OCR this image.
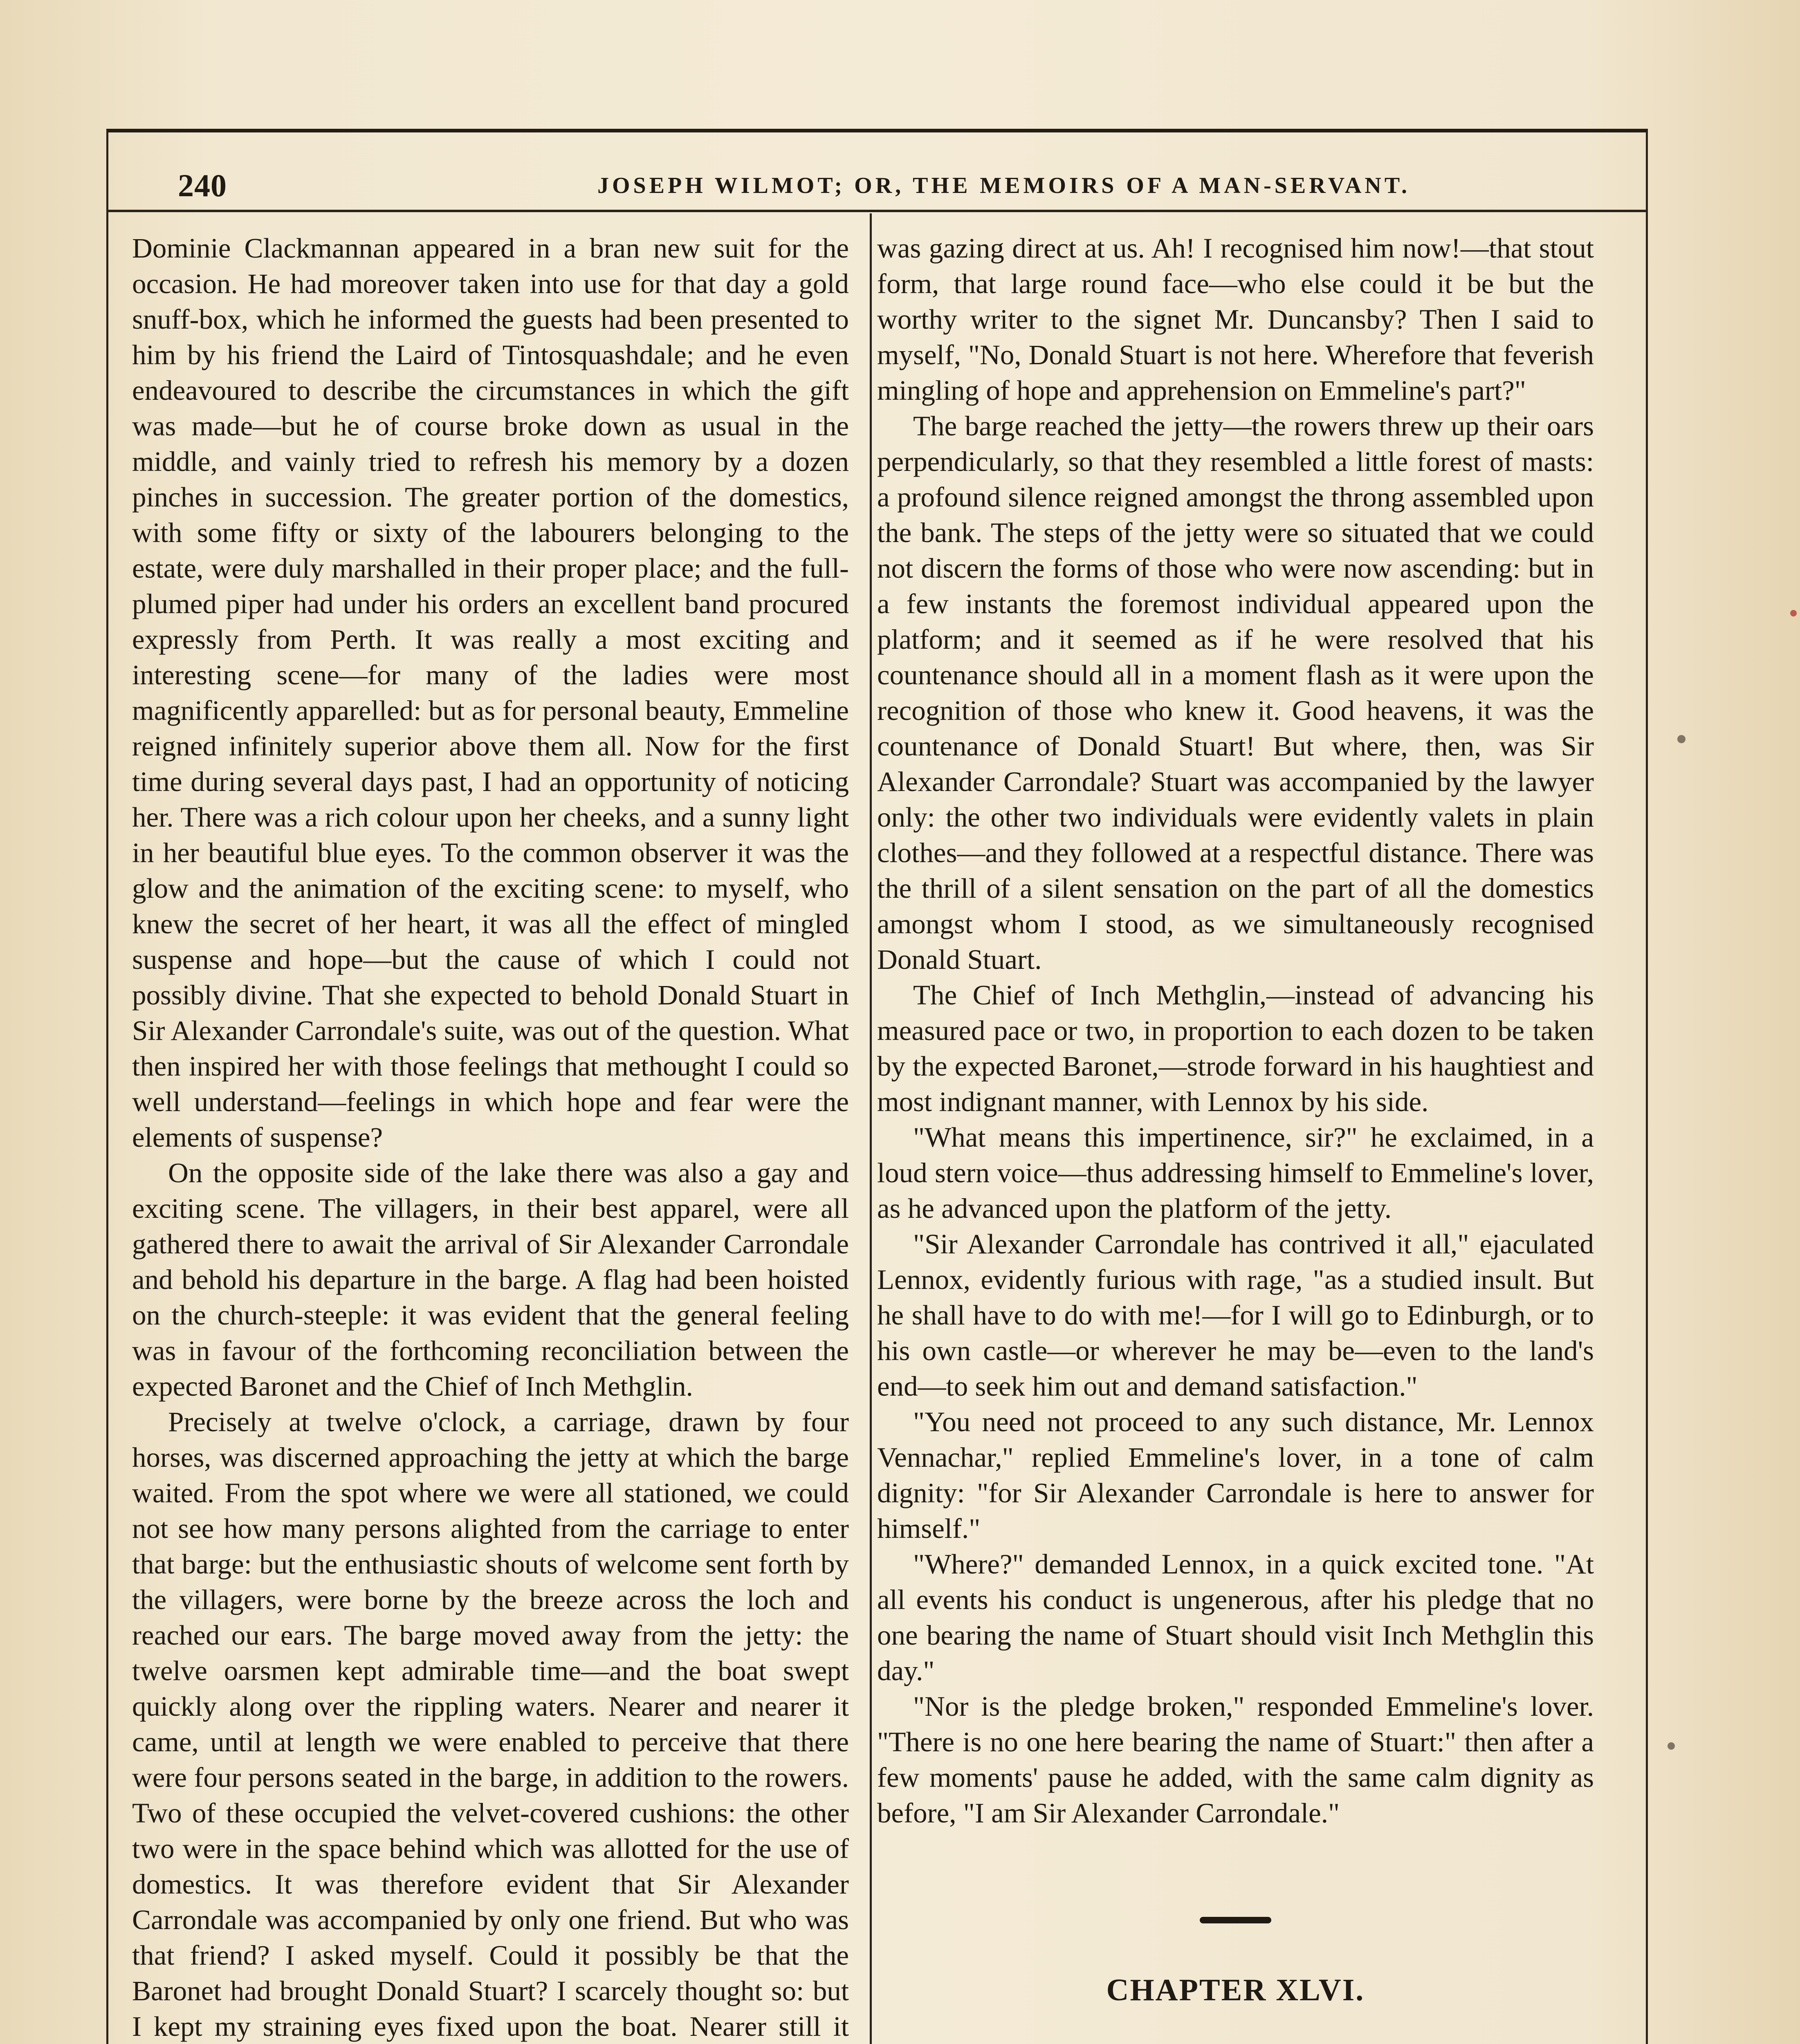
240	JOSEPH WILMOT; OR, THE MEMOIRS OF A MAN-SERVANT.

Dominie Clackmannan appeared in a bran new suit for the occasion. He had moreover taken into use for that day a gold snuff-box, which he informed the guests had been presented to him by his friend the Laird of Tintosquashdale; and he even endeavoured to describe the circumstances in which the gift was made—but he of course broke down as usual in the middle, and vainly tried to refresh his memory by a dozen pinches in succession. The greater portion of the domestics, with some fifty or sixty of the labourers belonging to the estate, were duly marshalled in their proper place; and the full-plumed piper had under his orders an excellent band procured expressly from Perth. It was really a most exciting and interesting scene—for many of the ladies were most magnificently apparelled: but as for personal beauty, Emmeline reigned infinitely superior above them all. Now for the first time during several days past, I had an opportunity of noticing her. There was a rich colour upon her cheeks, and a sunny light in her beautiful blue eyes. To the common observer it was the glow and the animation of the exciting scene: to myself, who knew the secret of her heart, it was all the effect of mingled suspense and hope—but the cause of which I could not possibly divine. That she expected to behold Donald Stuart in Sir Alexander Carrondale's suite, was out of the question. What then inspired her with those feelings that methought I could so well understand—feelings in which hope and fear were the elements of suspense?

On the opposite side of the lake there was also a gay and exciting scene. The villagers, in their best apparel, were all gathered there to await the arrival of Sir Alexander Carrondale and behold his departure in the barge. A flag had been hoisted on the church-steeple: it was evident that the general feeling was in favour of the forthcoming reconciliation between the expected Baronet and the Chief of Inch Methglin.

Precisely at twelve o'clock, a carriage, drawn by four horses, was discerned approaching the jetty at which the barge waited. From the spot where we were all stationed, we could not see how many persons alighted from the carriage to enter that barge: but the enthusiastic shouts of welcome sent forth by the villagers, were borne by the breeze across the loch and reached our ears. The barge moved away from the jetty: the twelve oarsmen kept admirable time—and the boat swept quickly along over the rippling waters. Nearer and nearer it came, until at length we were enabled to perceive that there were four persons seated in the barge, in addition to the rowers. Two of these occupied the velvet-covered cushions: the other two were in the space behind which was allotted for the use of domestics. It was therefore evident that Sir Alexander Carrondale was accompanied by only one friend. But who was that friend? I asked myself. Could it possibly be that the Baronet had brought Donald Stuart? I scarcely thought so: but I kept my straining eyes fixed upon the boat. Nearer still it

was gazing direct at us. Ah! I recognised him now!—that stout form, that large round face—who else could it be but the worthy writer to the signet Mr. Duncansby? Then I said to myself, "No, Donald Stuart is not here. Wherefore that feverish mingling of hope and apprehension on Emmeline's part?"

The barge reached the jetty—the rowers threw up their oars perpendicularly, so that they resembled a little forest of masts: a profound silence reigned amongst the throng assembled upon the bank. The steps of the jetty were so situated that we could not discern the forms of those who were now ascending: but in a few instants the foremost individual appeared upon the platform; and it seemed as if he were resolved that his countenance should all in a moment flash as it were upon the recognition of those who knew it. Good heavens, it was the countenance of Donald Stuart! But where, then, was Sir Alexander Carrondale? Stuart was accompanied by the lawyer only: the other two individuals were evidently valets in plain clothes—and they followed at a respectful distance. There was the thrill of a silent sensation on the part of all the domestics amongst whom I stood, as we simultaneously recognised Donald Stuart.

The Chief of Inch Methglin,—instead of advancing his measured pace or two, in proportion to each dozen to be taken by the expected Baronet,—strode forward in his haughtiest and most indignant manner, with Lennox by his side.

"What means this impertinence, sir?" he exclaimed, in a loud stern voice—thus addressing himself to Emmeline's lover, as he advanced upon the platform of the jetty.

"Sir Alexander Carrondale has contrived it all," ejaculated Lennox, evidently furious with rage, "as a studied insult. But he shall have to do with me!—for I will go to Edinburgh, or to his own castle—or wherever he may be—even to the land's end—to seek him out and demand satisfaction."

"You need not proceed to any such distance, Mr. Lennox Vennachar," replied Emmeline's lover, in a tone of calm dignity: "for Sir Alexander Carrondale is here to answer for himself."

"Where?" demanded Lennox, in a quick excited tone. "At all events his conduct is ungenerous, after his pledge that no one bearing the name of Stuart should visit Inch Methglin this day."

"Nor is the pledge broken," responded Emmeline's lover. "There is no one here bearing the name of Stuart:" then after a few moments' pause he added, with the same calm dignity as before, "I am Sir Alexander Carrondale."

CHAPTER XLVI.
